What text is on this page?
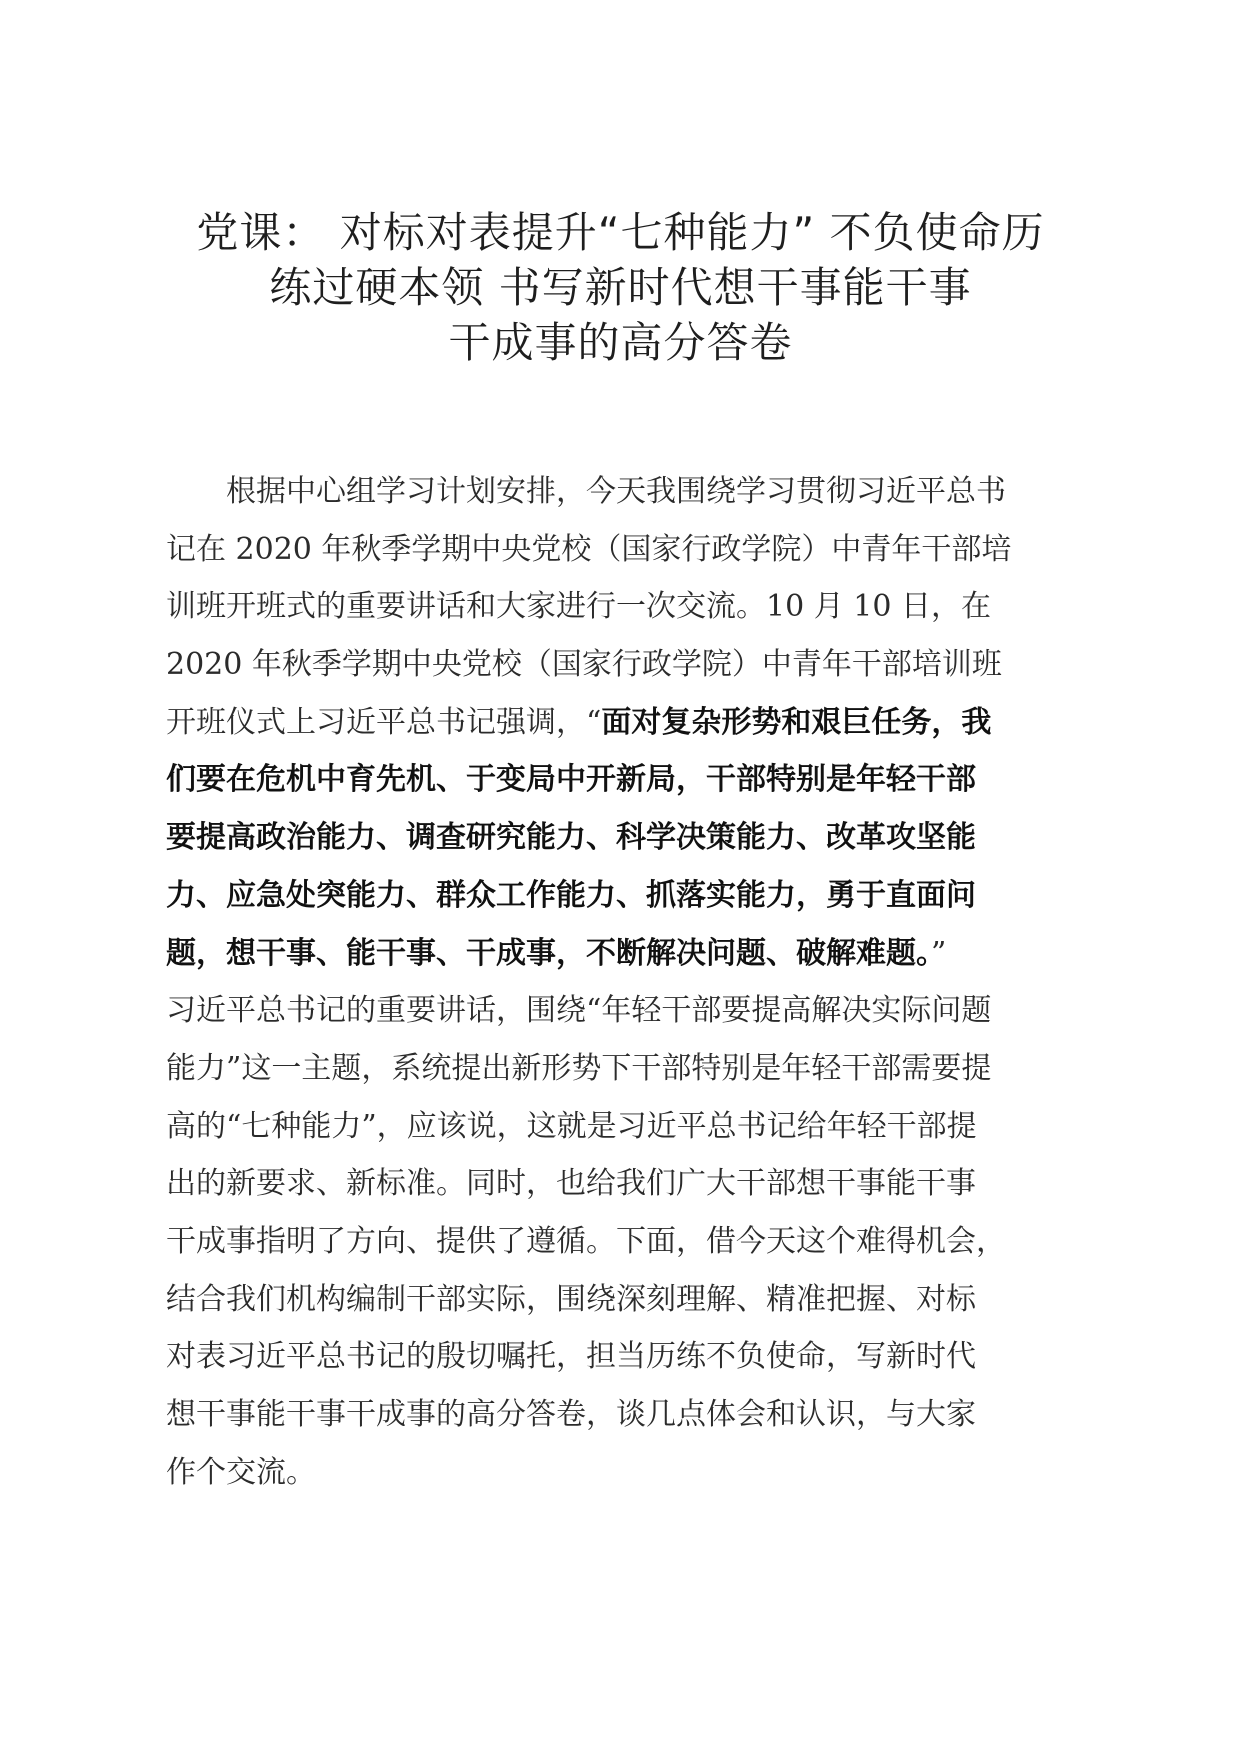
党课： 对标对表提升“七种能力” 不负使命历
练过硬本领 书写新时代想干事能干事
干成事的高分答卷
根据中心组学习计划安排，今天我围绕学习贯彻习近平总书
记在 2020 年秋季学期中央党校（国家行政学院）中青年干部培
训班开班式的重要讲话和大家进行一次交流。10 月 10 日，在
2020 年秋季学期中央党校（国家行政学院）中青年干部培训班
开班仪式上习近平总书记强调，“面对复杂形势和艰巨任务，我
们要在危机中育先机、于变局中开新局，干部特别是年轻干部
要提高政治能力、调查研究能力、科学决策能力、改革攻坚能
力、应急处突能力、群众工作能力、抓落实能力，勇于直面问
题，想干事、能干事、干成事，不断解决问题、破解难题。”
习近平总书记的重要讲话，围绕“年轻干部要提高解决实际问题
能力”这一主题，系统提出新形势下干部特别是年轻干部需要提
高的“七种能力”，应该说，这就是习近平总书记给年轻干部提
出的新要求、新标准。同时，也给我们广大干部想干事能干事
干成事指明了方向、提供了遵循。下面，借今天这个难得机会，
结合我们机构编制干部实际，围绕深刻理解、精准把握、对标
对表习近平总书记的殷切嘱托，担当历练不负使命，写新时代
想干事能干事干成事的高分答卷，谈几点体会和认识，与大家
作个交流。
